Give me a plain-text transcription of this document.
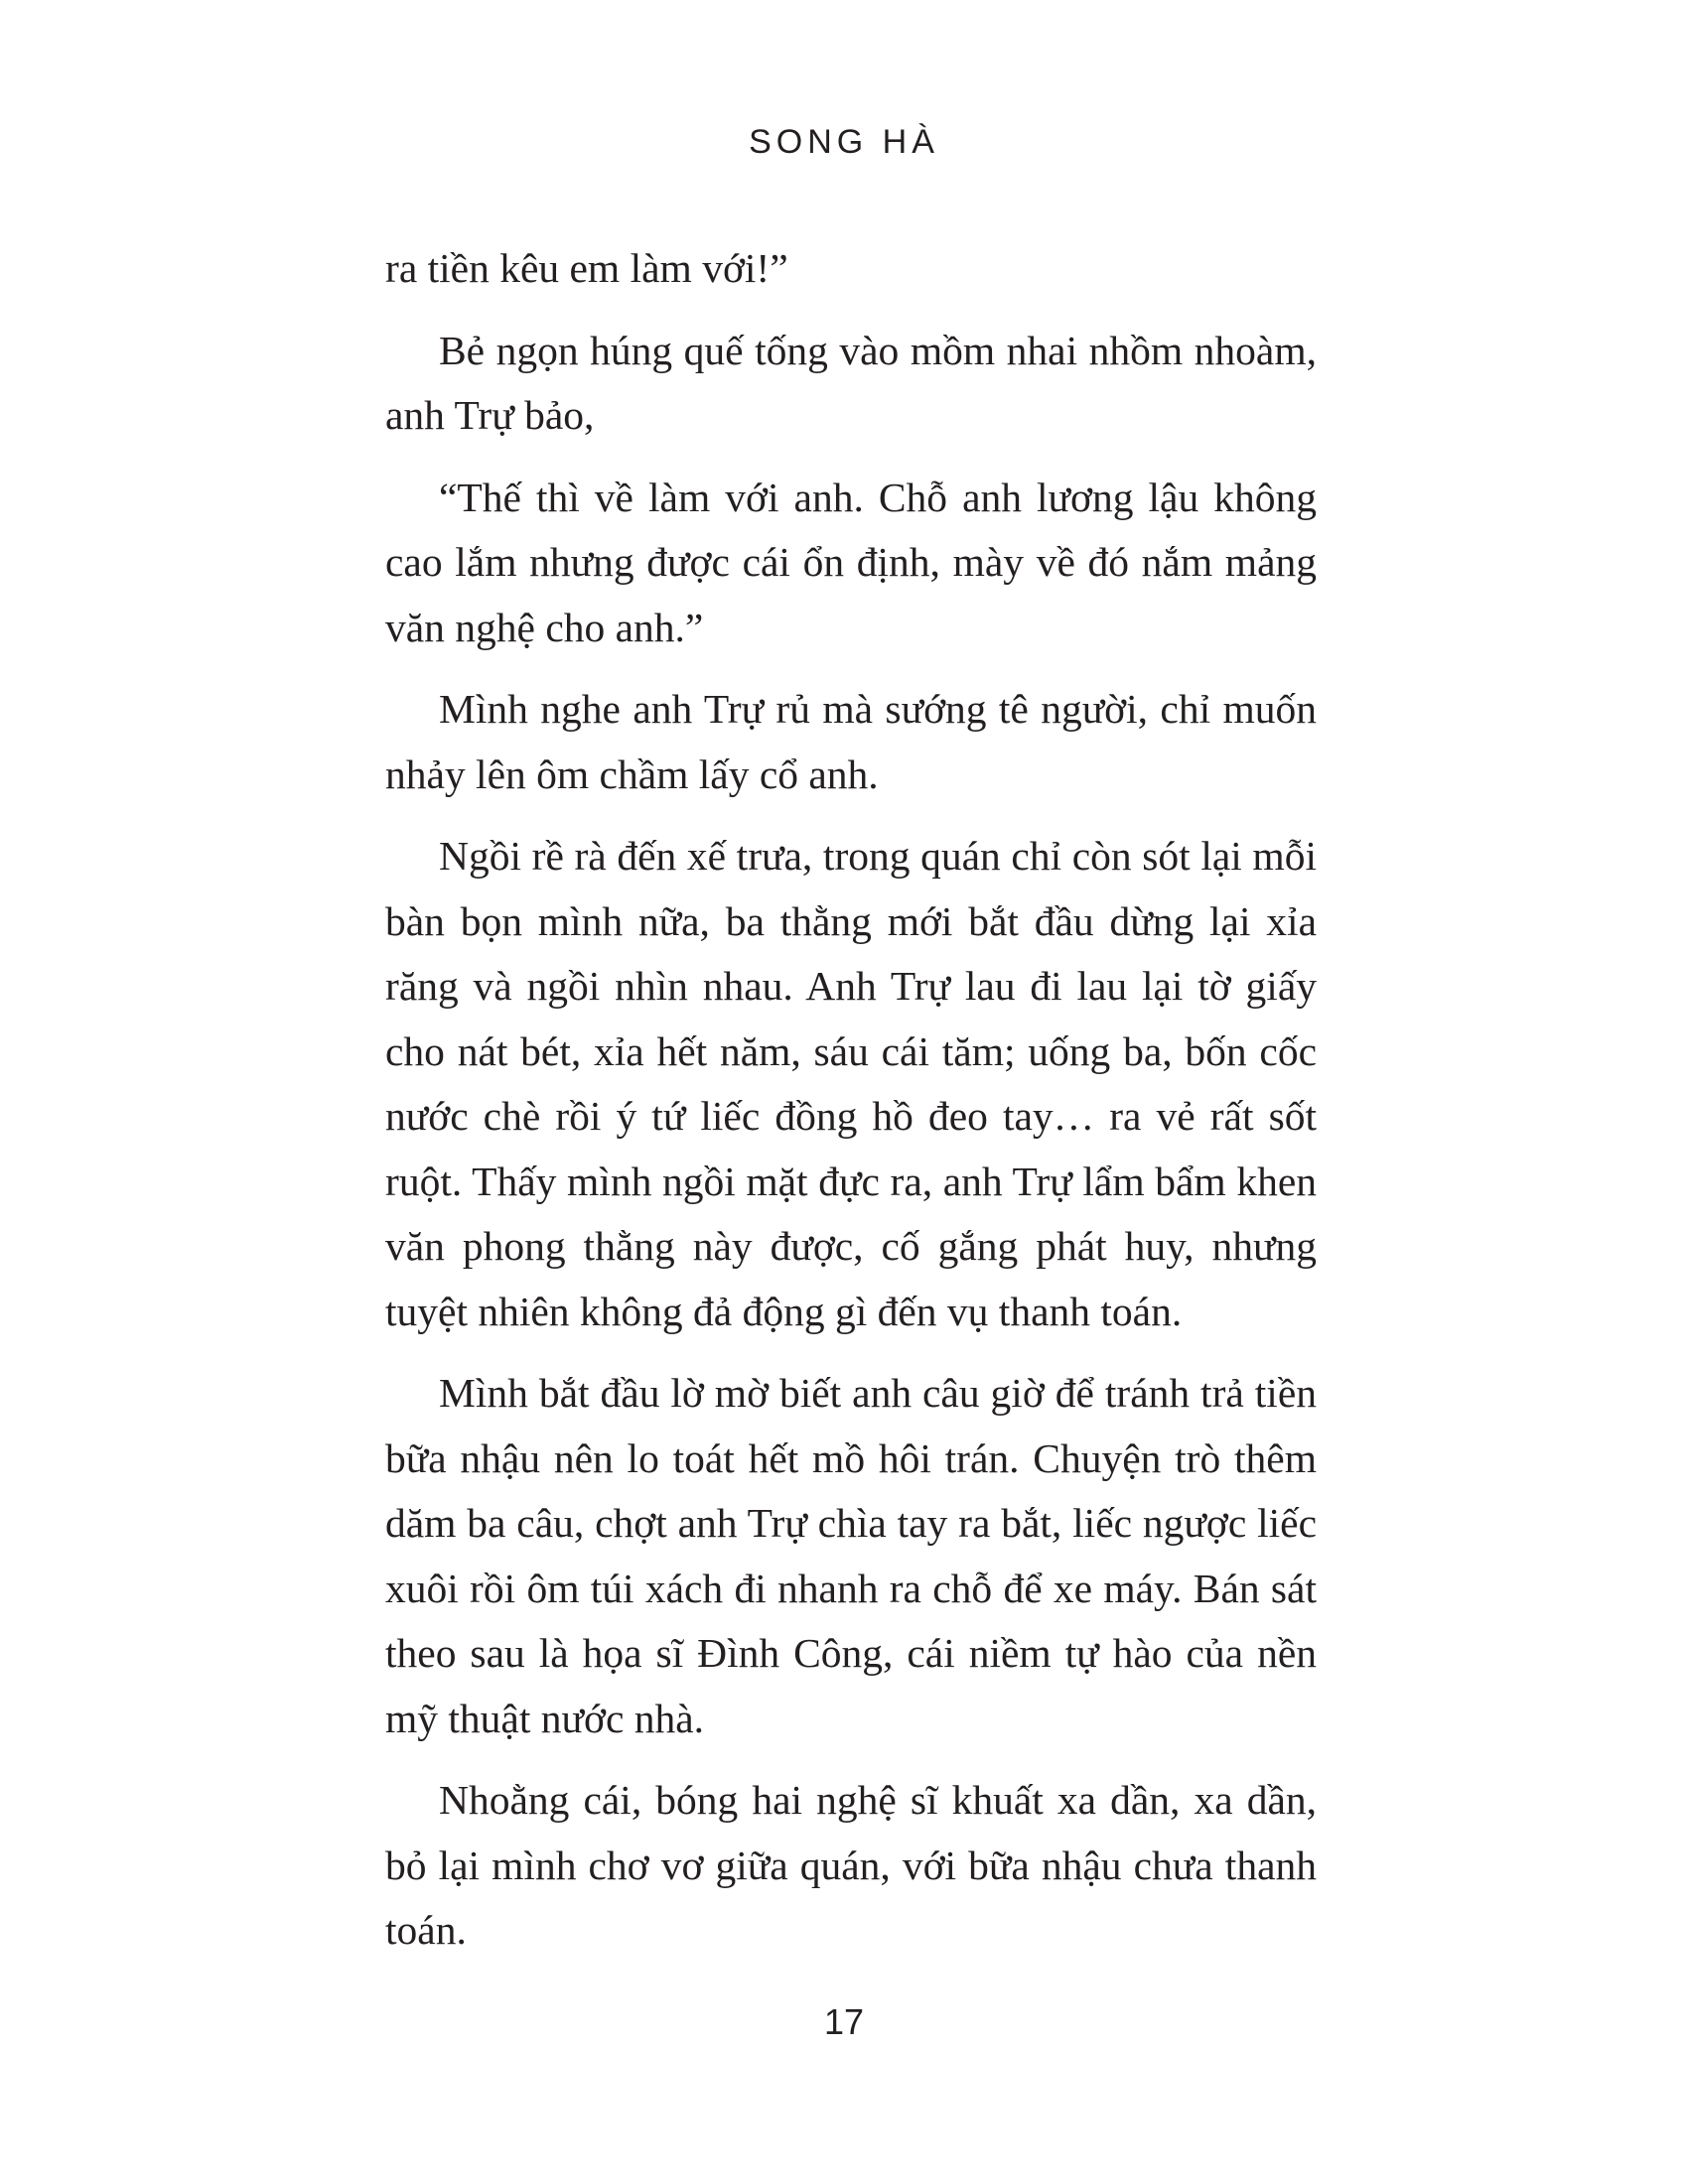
SONG HÀ

ra tiền kêu em làm với!”

Bẻ ngọn húng quế tống vào mồm nhai nhồm nhoàm, anh Trự bảo,

“Thế thì về làm với anh. Chỗ anh lương lậu không cao lắm nhưng được cái ổn định, mày về đó nắm mảng văn nghệ cho anh.”

Mình nghe anh Trự rủ mà sướng tê người, chỉ muốn nhảy lên ôm chầm lấy cổ anh.

Ngồi rề rà đến xế trưa, trong quán chỉ còn sót lại mỗi bàn bọn mình nữa, ba thằng mới bắt đầu dừng lại xỉa răng và ngồi nhìn nhau. Anh Trự lau đi lau lại tờ giấy cho nát bét, xỉa hết năm, sáu cái tăm; uống ba, bốn cốc nước chè rồi ý tứ liếc đồng hồ đeo tay… ra vẻ rất sốt ruột. Thấy mình ngồi mặt đực ra, anh Trự lẩm bẩm khen văn phong thằng này được, cố gắng phát huy, nhưng tuyệt nhiên không đả động gì đến vụ thanh toán.

Mình bắt đầu lờ mờ biết anh câu giờ để tránh trả tiền bữa nhậu nên lo toát hết mồ hôi trán. Chuyện trò thêm dăm ba câu, chợt anh Trự chìa tay ra bắt, liếc ngược liếc xuôi rồi ôm túi xách đi nhanh ra chỗ để xe máy. Bán sát theo sau là họa sĩ Đình Công, cái niềm tự hào của nền mỹ thuật nước nhà.

Nhoằng cái, bóng hai nghệ sĩ khuất xa dần, xa dần, bỏ lại mình chơ vơ giữa quán, với bữa nhậu chưa thanh toán.

17
